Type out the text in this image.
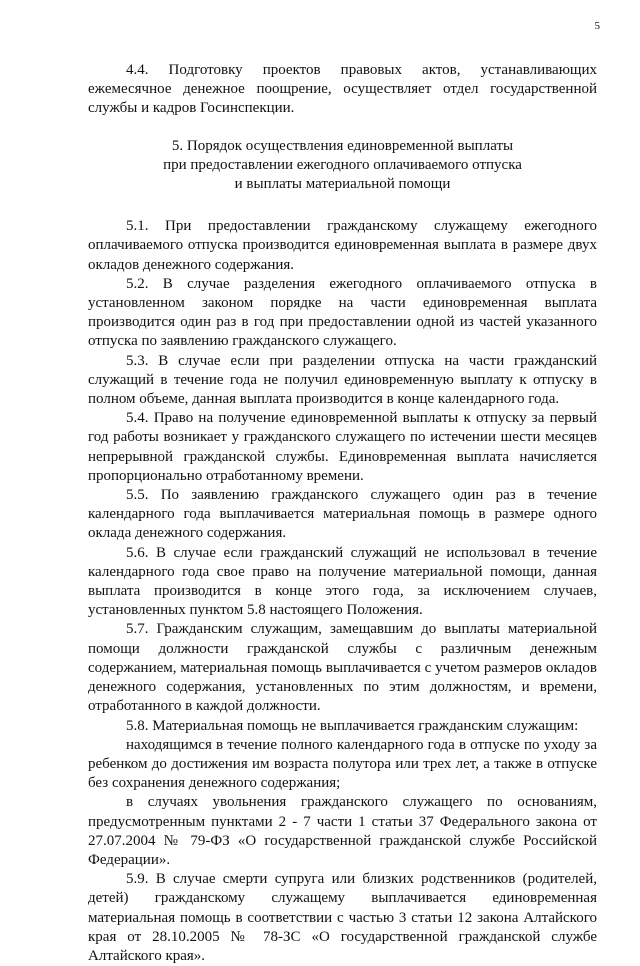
5

4.4. Подготовку проектов правовых актов, устанавливающих ежемесячное денежное поощрение, осуществляет отдел государственной службы и кадров Госинспекции.

5. Порядок осуществления единовременной выплаты
при предоставлении ежегодного оплачиваемого отпуска
и выплаты материальной помощи

5.1. При предоставлении гражданскому служащему ежегодного оплачиваемого отпуска производится единовременная выплата в размере двух окладов денежного содержания.

5.2. В случае разделения ежегодного оплачиваемого отпуска в установленном законом порядке на части единовременная выплата производится один раз в год при предоставлении одной из частей указанного отпуска по заявлению гражданского служащего.

5.3. В случае если при разделении отпуска на части гражданский служащий в течение года не получил единовременную выплату к отпуску в полном объеме, данная выплата производится в конце календарного года.

5.4. Право на получение единовременной выплаты к отпуску за первый год работы возникает у гражданского служащего по истечении шести месяцев непрерывной гражданской службы. Единовременная выплата начисляется пропорционально отработанному времени.

5.5. По заявлению гражданского служащего один раз в течение календарного года выплачивается материальная помощь в размере одного оклада денежного содержания.

5.6. В случае если гражданский служащий не использовал в течение календарного года свое право на получение материальной помощи, данная выплата производится в конце этого года, за исключением случаев, установленных пунктом 5.8 настоящего Положения.

5.7. Гражданским служащим, замещавшим до выплаты материальной помощи должности гражданской службы с различным денежным содержанием, материальная помощь выплачивается с учетом размеров окладов денежного содержания, установленных по этим должностям, и времени, отработанного в каждой должности.

5.8. Материальная помощь не выплачивается гражданским служащим:

находящимся в течение полного календарного года в отпуске по уходу за ребенком до достижения им возраста полутора или трех лет, а также в отпуске без сохранения денежного содержания;

в случаях увольнения гражданского служащего по основаниям, предусмотренным пунктами 2 - 7 части 1 статьи 37 Федерального закона от 27.07.2004 № 79-ФЗ «О государственной гражданской службе Российской Федерации».

5.9. В случае смерти супруга или близких родственников (родителей, детей) гражданскому служащему выплачивается единовременная материальная помощь в соответствии с частью 3 статьи 12 закона Алтайского края от 28.10.2005 № 78-ЗС «О государственной гражданской службе Алтайского края».
